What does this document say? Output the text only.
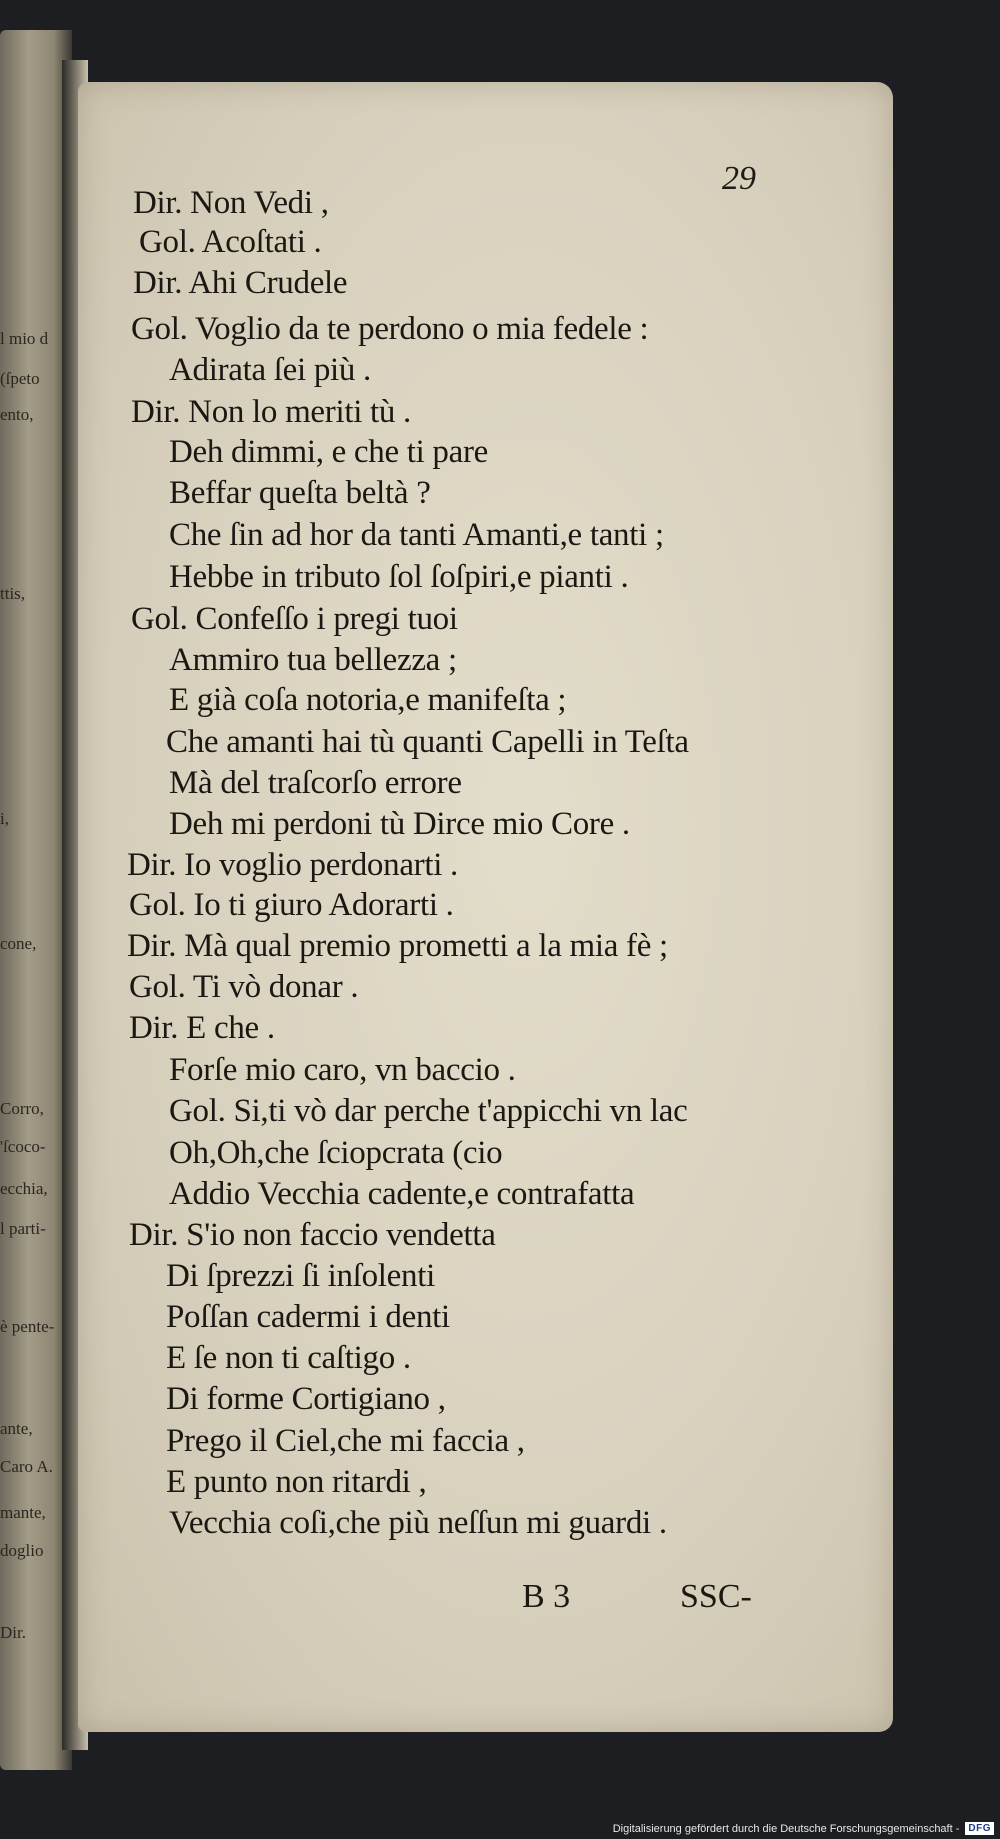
l mio d
(ſpeto
ento,
ttis,
i,
cone,
Corro,
'ſcoco-
ecchia,
l parti-
è pente-
ante,
Caro A.
mante,
doglio
Dir.
29
Dir. Non Vedi ,
Gol. Acoſtati .
Dir. Ahi Crudele
Gol. Voglio da te perdono o mia fedele :
Adirata ſei più .
Dir. Non lo meriti tù .
Deh dimmi, e che ti pare
Beffar queſta beltà ?
Che ſin ad hor da tanti Amanti,e tanti ;
Hebbe in tributo ſol ſoſpiri,e pianti .
Gol. Confeſſo i pregi tuoi
Ammiro tua bellezza ;
E già coſa notoria,e manifeſta ;
Che amanti hai tù quanti Capelli in Teſta
Mà del traſcorſo errore
Deh mi perdoni tù Dirce mio Core .
Dir. Io voglio perdonarti .
Gol. Io ti giuro Adorarti .
Dir. Mà qual premio prometti a la mia fè ;
Gol. Ti vò donar .
Dir. E che .
Forſe mio caro, vn baccio .
Gol. Si,ti vò dar perche t'appicchi vn lac
Oh,Oh,che ſciopcrata (cio
Addio Vecchia cadente,e contrafatta
Dir. S'io non faccio vendetta
Di ſprezzi ſi inſolenti
Poſſan cadermi i denti
E ſe non ti caſtigo .
Di forme Cortigiano ,
Prego il Ciel,che mi faccia ,
E punto non ritardi ,
Vecchia coſi,che più neſſun mi guardi .
B 3	SSC-
Digitalisierung gefördert durch die Deutsche Forschungsgemeinschaft - DFG
